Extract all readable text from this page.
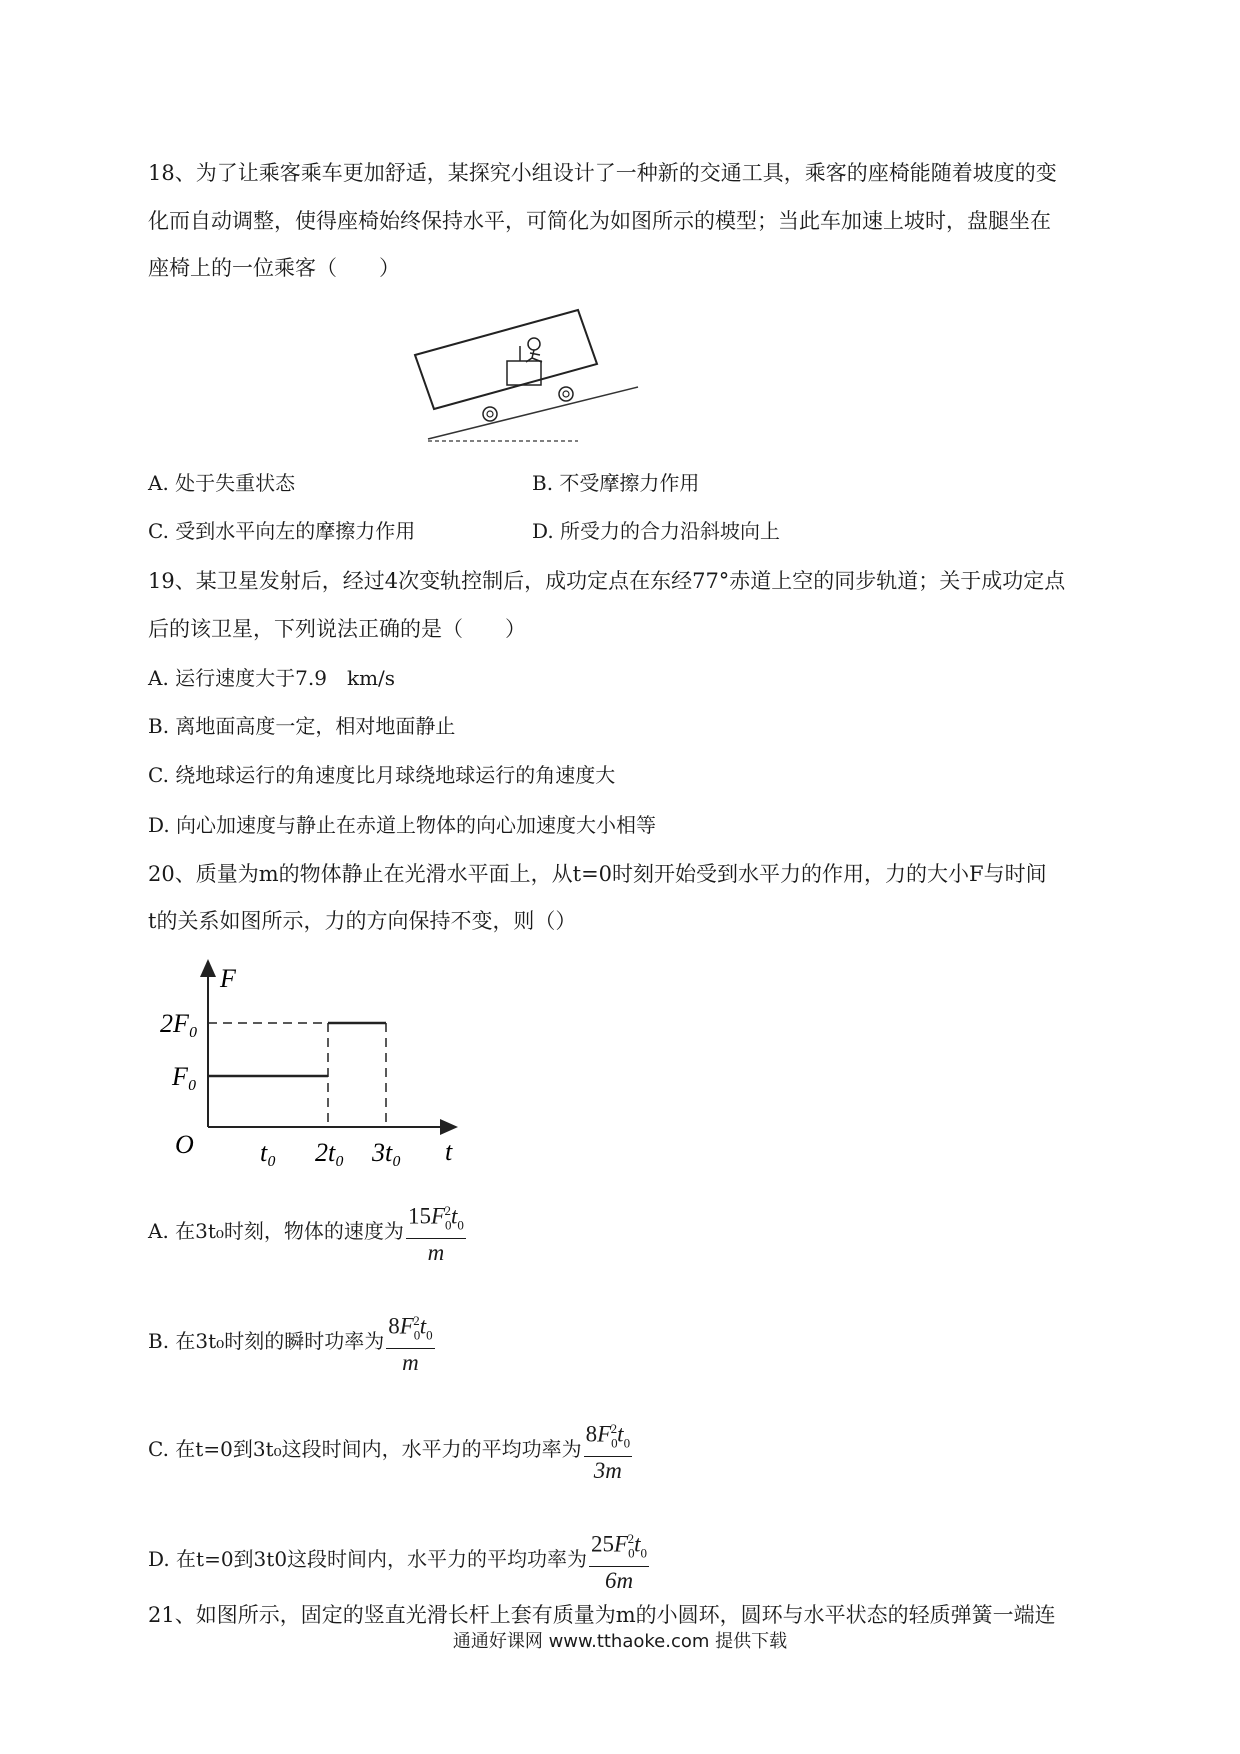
18、为了让乘客乘车更加舒适，某探究小组设计了一种新的交通工具，乘客的座椅能随着坡度的变
化而自动调整，使得座椅始终保持水平，可简化为如图所示的模型；当此车加速上坡时，盘腿坐在
座椅上的一位乘客（　　）
A. 处于失重状态	B. 不受摩擦力作用
C. 受到水平向左的摩擦力作用	D. 所受力的合力沿斜坡向上
19、某卫星发射后，经过4次变轨控制后，成功定点在东经77°赤道上空的同步轨道；关于成功定点
后的该卫星，下列说法正确的是（　　）
A. 运行速度大于7.9　km/s
B. 离地面高度一定，相对地面静止
C. 绕地球运行的角速度比月球绕地球运行的角速度大
D. 向心加速度与静止在赤道上物体的向心加速度大小相等
20、质量为m的物体静止在光滑水平面上，从t=0时刻开始受到水平力的作用，力的大小F与时间
t的关系如图所示，力的方向保持不变，则（）
F
t
O
2F₀
F₀
t₀ 2t₀ 3t₀
A. 在3t₀时刻，物体的速度为 $\frac{15F_0^2t_0}{m}$
B. 在3t₀时刻的瞬时功率为 $\frac{8F_0^2t_0}{m}$
C. 在t=0到3t₀这段时间内，水平力的平均功率为 $\frac{8F_0^2t_0}{3m}$
D. 在t=0到3t0这段时间内，水平力的平均功率为 $\frac{25F_0^2t_0}{6m}$
21、如图所示，固定的竖直光滑长杆上套有质量为m的小圆环，圆环与水平状态的轻质弹簧一端连
通通好课网 www.tthaoke.com 提供下载
